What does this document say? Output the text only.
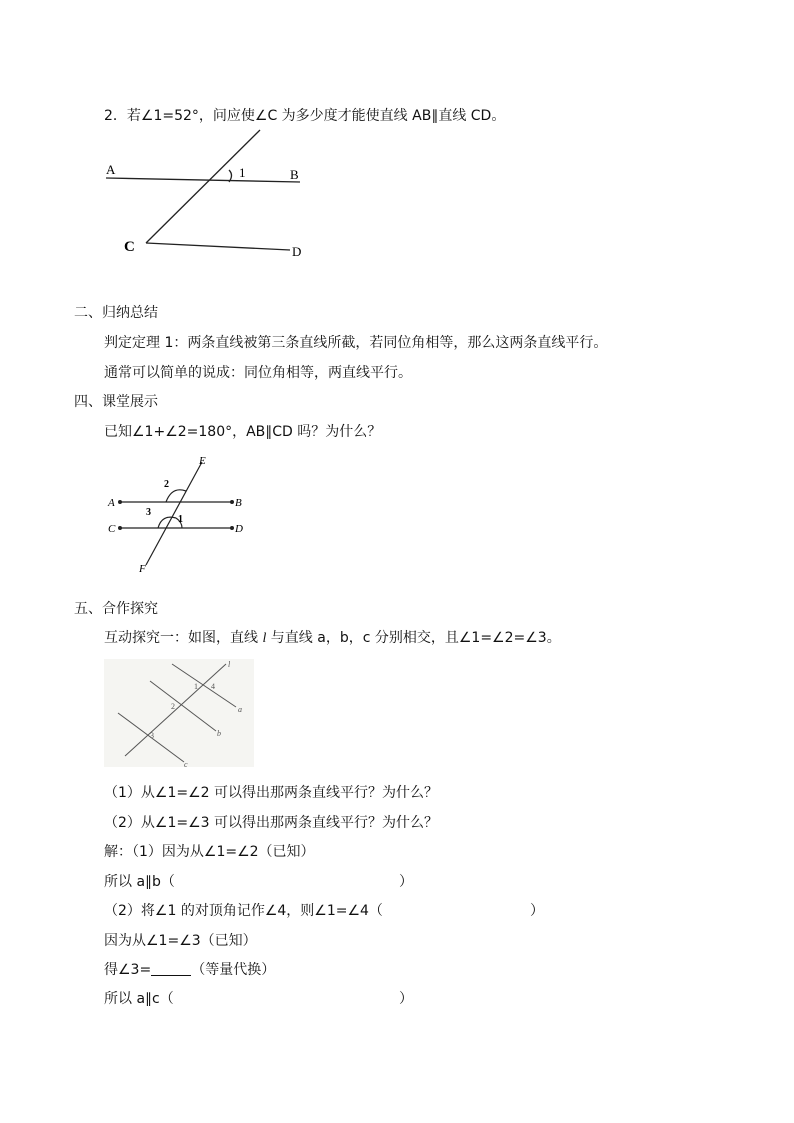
2．若∠1=52°，问应使∠C 为多少度才能使直线 AB∥直线 CD。
A	B
C	D
1
二、归纳总结
判定定理 1：两条直线被第三条直线所截，若同位角相等，那么这两条直线平行。
通常可以简单的说成：同位角相等，两直线平行。
四、课堂展示
已知∠1+∠2=180°，AB∥CD 吗？为什么？
A	B
C	D
E
F
2
3
1
五、合作探究
互动探究一：如图，直线 l 与直线 a，b，c 分别相交，且∠1=∠2=∠3。
l
a
b
c
1 4
2
3
（1）从∠1=∠2 可以得出那两条直线平行？为什么？
（2）从∠1=∠3 可以得出那两条直线平行？为什么？
解：（1）因为从∠1=∠2（已知）
所以 a∥b（	）
（2）将∠1 的对顶角记作∠4，则∠1=∠4（	）
因为从∠1=∠3（已知）
得∠3=	（等量代换）
所以 a∥c（	）
